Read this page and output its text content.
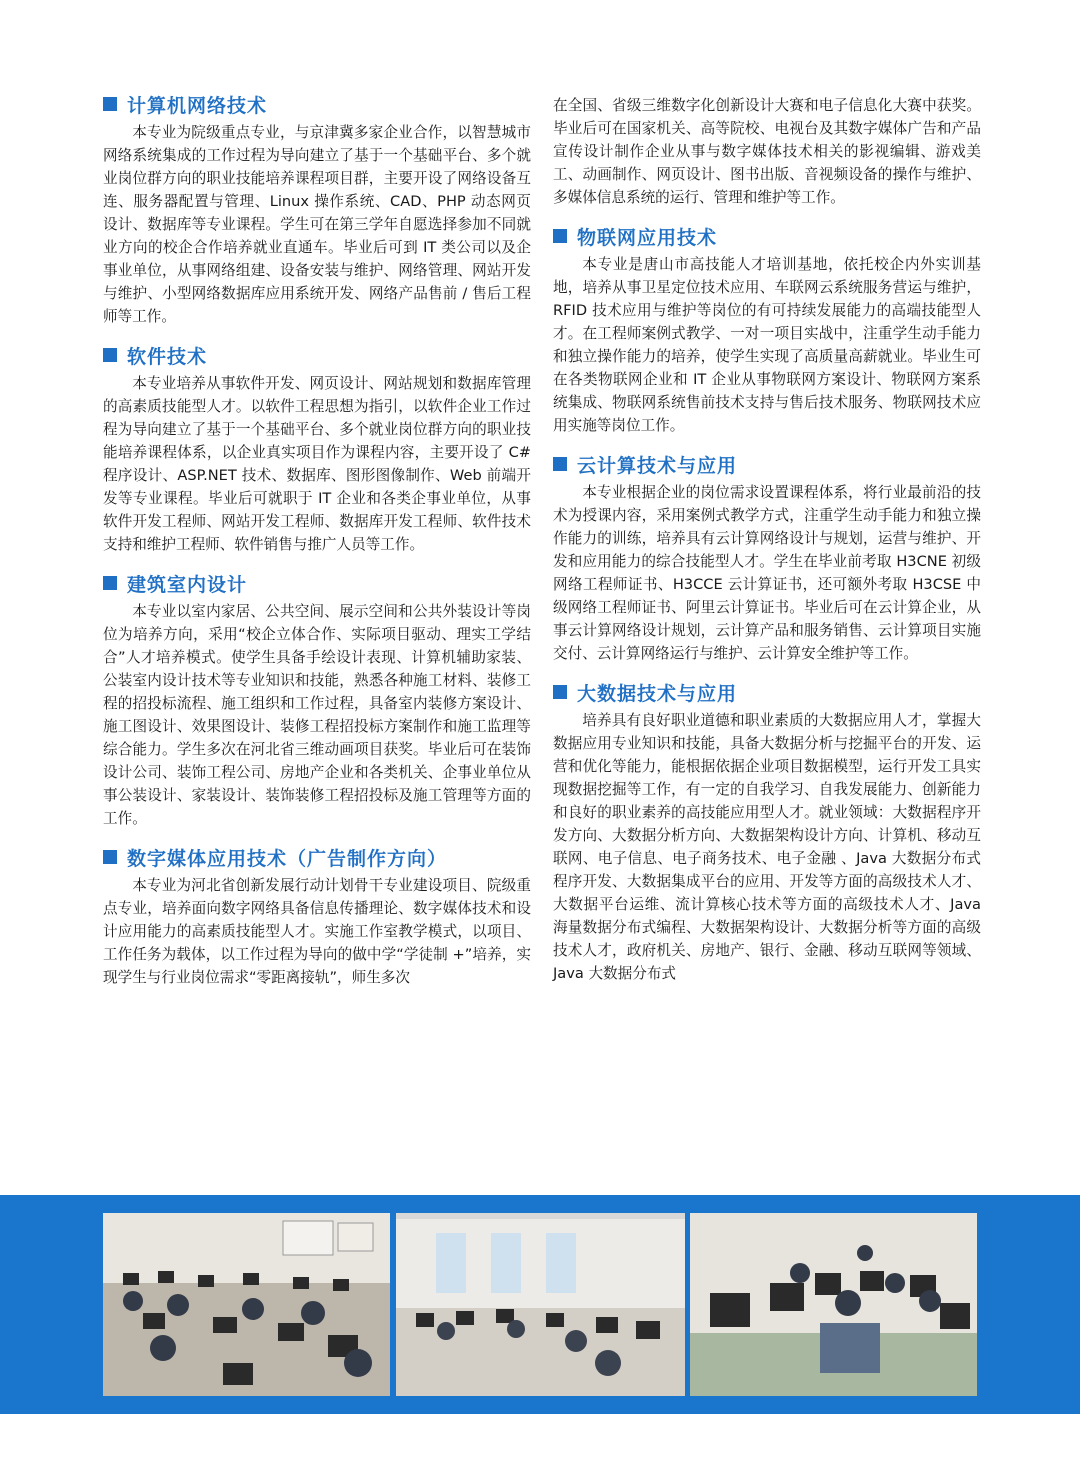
计算机网络技术

本专业为院级重点专业，与京津冀多家企业合作，以智慧城市网络系统集成的工作过程为导向建立了基于一个基础平台、多个就业岗位群方向的职业技能培养课程项目群，主要开设了网络设备互连、服务器配置与管理、Linux 操作系统、CAD、PHP 动态网页设计、数据库等专业课程。学生可在第三学年自愿选择参加不同就业方向的校企合作培养就业直通车。毕业后可到 IT 类公司以及企事业单位，从事网络组建、设备安装与维护、网络管理、网站开发与维护、小型网络数据库应用系统开发、网络产品售前 / 售后工程师等工作。

软件技术

本专业培养从事软件开发、网页设计、网站规划和数据库管理的高素质技能型人才。以软件工程思想为指引，以软件企业工作过程为导向建立了基于一个基础平台、多个就业岗位群方向的职业技能培养课程体系，以企业真实项目作为课程内容，主要开设了 C# 程序设计、ASP.NET 技术、数据库、图形图像制作、Web 前端开发等专业课程。毕业后可就职于 IT 企业和各类企事业单位，从事软件开发工程师、网站开发工程师、数据库开发工程师、软件技术支持和维护工程师、软件销售与推广人员等工作。

建筑室内设计

本专业以室内家居、公共空间、展示空间和公共外装设计等岗位为培养方向，采用“校企立体合作、实际项目驱动、理实工学结合”人才培养模式。使学生具备手绘设计表现、计算机辅助家装、公装室内设计技术等专业知识和技能，熟悉各种施工材料、装修工程的招投标流程、施工组织和工作过程，具备室内装修方案设计、施工图设计、效果图设计、装修工程招投标方案制作和施工监理等综合能力。学生多次在河北省三维动画项目获奖。毕业后可在装饰设计公司、装饰工程公司、房地产企业和各类机关、企事业单位从事公装设计、家装设计、装饰装修工程招投标及施工管理等方面的工作。

数字媒体应用技术（广告制作方向）

本专业为河北省创新发展行动计划骨干专业建设项目、院级重点专业，培养面向数字网络具备信息传播理论、数字媒体技术和设计应用能力的高素质技能型人才。实施工作室教学模式，以项目、工作任务为载体，以工作过程为导向的做中学“学徒制 +”培养，实现学生与行业岗位需求“零距离接轨”，师生多次

在全国、省级三维数字化创新设计大赛和电子信息化大赛中获奖。毕业后可在国家机关、高等院校、电视台及其数字媒体广告和产品宣传设计制作企业从事与数字媒体技术相关的影视编辑、游戏美工、动画制作、网页设计、图书出版、音视频设备的操作与维护、多媒体信息系统的运行、管理和维护等工作。

物联网应用技术

本专业是唐山市高技能人才培训基地，依托校企内外实训基地，培养从事卫星定位技术应用、车联网云系统服务营运与维护，RFID 技术应用与维护等岗位的有可持续发展能力的高端技能型人才。在工程师案例式教学、一对一项目实战中，注重学生动手能力和独立操作能力的培养，使学生实现了高质量高薪就业。毕业生可在各类物联网企业和 IT 企业从事物联网方案设计、物联网方案系统集成、物联网系统售前技术支持与售后技术服务、物联网技术应用实施等岗位工作。

云计算技术与应用

本专业根据企业的岗位需求设置课程体系，将行业最前沿的技术为授课内容，采用案例式教学方式，注重学生动手能力和独立操作能力的训练，培养具有云计算网络设计与规划，运营与维护、开发和应用能力的综合技能型人才。学生在毕业前考取 H3CNE 初级网络工程师证书、H3CCE 云计算证书，还可额外考取 H3CSE 中级网络工程师证书、阿里云计算证书。毕业后可在云计算企业，从事云计算网络设计规划，云计算产品和服务销售、云计算项目实施交付、云计算网络运行与维护、云计算安全维护等工作。

大数据技术与应用

培养具有良好职业道德和职业素质的大数据应用人才，掌握大数据应用专业知识和技能，具备大数据分析与挖掘平台的开发、运营和优化等能力，能根据依据企业项目数据模型，运行开发工具实现数据挖掘等工作，有一定的自我学习、自我发展能力、创新能力和良好的职业素养的高技能应用型人才。就业领域：大数据程序开发方向、大数据分析方向、大数据架构设计方向、计算机、移动互联网、电子信息、电子商务技术、电子金融 、Java 大数据分布式程序开发、大数据集成平台的应用、开发等方面的高级技术人才、大数据平台运维、流计算核心技术等方面的高级技术人才、Java 海量数据分布式编程、大数据架构设计、大数据分析等方面的高级技术人才，政府机关、房地产、银行、金融、移动互联网等领域、 Java 大数据分布式
